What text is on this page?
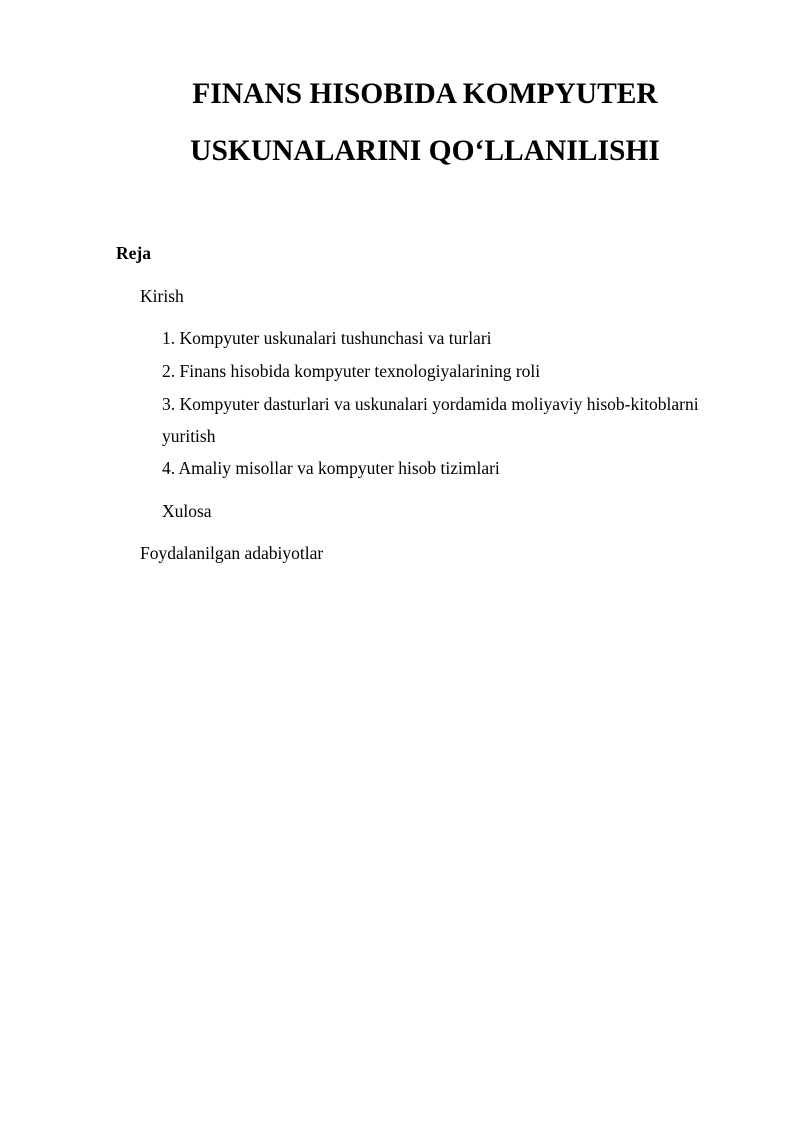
FINANS HISOBIDA KOMPYUTER
USKUNALARINI QO‘LLANILISHI
Reja
Kirish
1. Kompyuter uskunalari tushunchasi va turlari
2. Finans hisobida kompyuter texnologiyalarining roli
3. Kompyuter dasturlari va uskunalari yordamida moliyaviy hisob-kitoblarni
yuritish
4. Amaliy misollar va kompyuter hisob tizimlari
Xulosa
Foydalanilgan adabiyotlar
